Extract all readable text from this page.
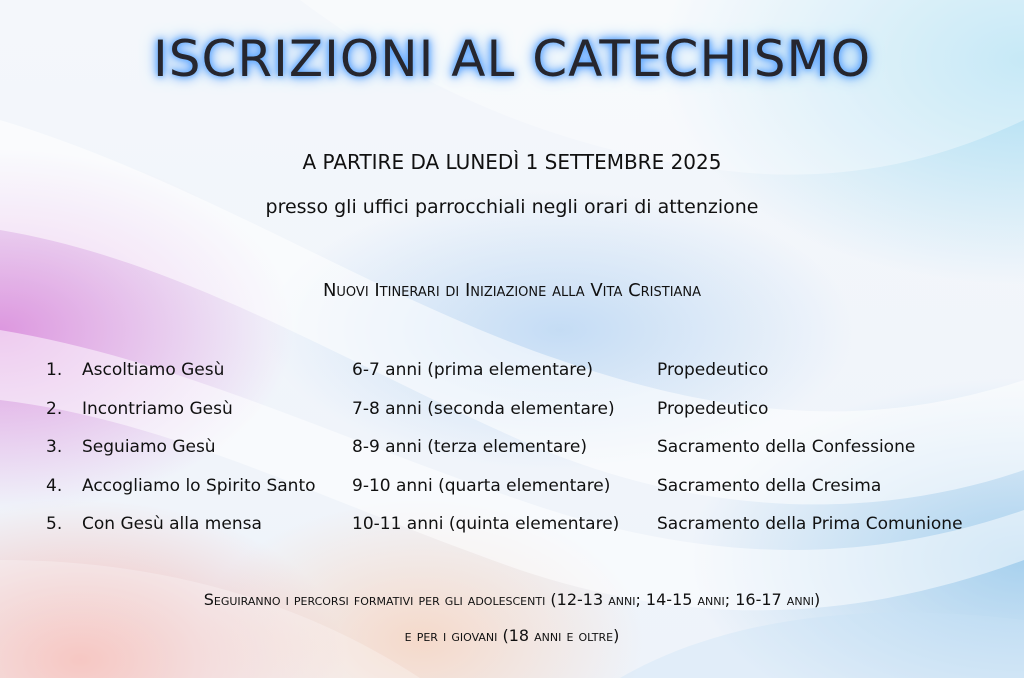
ISCRIZIONI AL CATECHISMO
A PARTIRE DA LUNEDÌ 1 SETTEMBRE 2025
presso gli uffici parrocchiali negli orari di attenzione
Nuovi Itinerari di Iniziazione alla Vita Cristiana
1. Ascoltiamo Gesù	6-7 anni (prima elementare)	Propedeutico
2. Incontriamo Gesù	7-8 anni (seconda elementare) Propedeutico
3. Seguiamo Gesù	8-9 anni (terza elementare)	Sacramento della Confessione
4. Accogliamo lo Spirito Santo 9-10 anni (quarta elementare)	Sacramento della Cresima
5. Con Gesù alla mensa	10-11 anni (quinta elementare) Sacramento della Prima Comunione
Seguiranno i percorsi formativi per gli adolescenti (12-13 anni; 14-15 anni; 16-17 anni)
e per i giovani (18 anni e oltre)
